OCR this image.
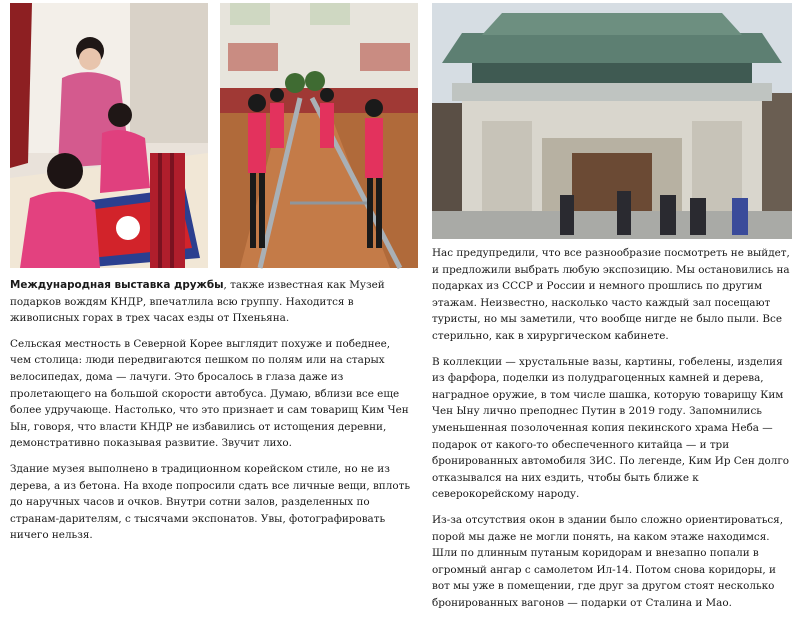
Международная выставка дружбы, также известная как Музей подарков вождям КНДР, впечатлила всю группу. Находится в живописных горах в трех часах езды от Пхеньяна.

Сельская местность в Северной Корее выглядит похуже и победнее, чем столица: люди передвигаются пешком по полям или на старых велосипедах, дома — лачуги. Это бросалось в глаза даже из пролетающего на большой скорости автобуса. Думаю, вблизи все еще более удручающе. Настолько, что это признает и сам товарищ Ким Чен Ын, говоря, что власти КНДР не избавились от истощения деревни, демонстративно показывая развитие. Звучит лихо.

Здание музея выполнено в традиционном корейском стиле, но не из дерева, а из бетона. На входе попросили сдать все личные вещи, вплоть до наручных часов и очков. Внутри сотни залов, разделенных по странам-дарителям, с тысячами экспонатов. Увы, фотографировать ничего нельзя.

Нас предупредили, что все разнообразие посмотреть не выйдет, и предложили выбрать любую экспозицию. Мы остановились на подарках из СССР и России и немного прошлись по другим этажам. Неизвестно, насколько часто каждый зал посещают туристы, но мы заметили, что вообще нигде не было пыли. Все стерильно, как в хирургическом кабинете.

В коллекции — хрустальные вазы, картины, гобелены, изделия из фарфора, поделки из полудрагоценных камней и дерева, наградное оружие, в том числе шашка, которую товарищу Ким Чен Ыну лично преподнес Путин в 2019 году. Запомнились уменьшенная позолоченная копия пекинского храма Неба — подарок от какого-то обеспеченного китайца — и три бронированных автомобиля ЗИС. По легенде, Ким Ир Сен долго отказывался на них ездить, чтобы быть ближе к северокорейскому народу.

Из-за отсутствия окон в здании было сложно ориентироваться, порой мы даже не могли понять, на каком этаже находимся. Шли по длинным путаным коридорам и внезапно попали в огромный ангар с самолетом Ил-14. Потом снова коридоры, и вот мы уже в помещении, где друг за другом стоят несколько бронированных вагонов — подарки от Сталина и Мао.
